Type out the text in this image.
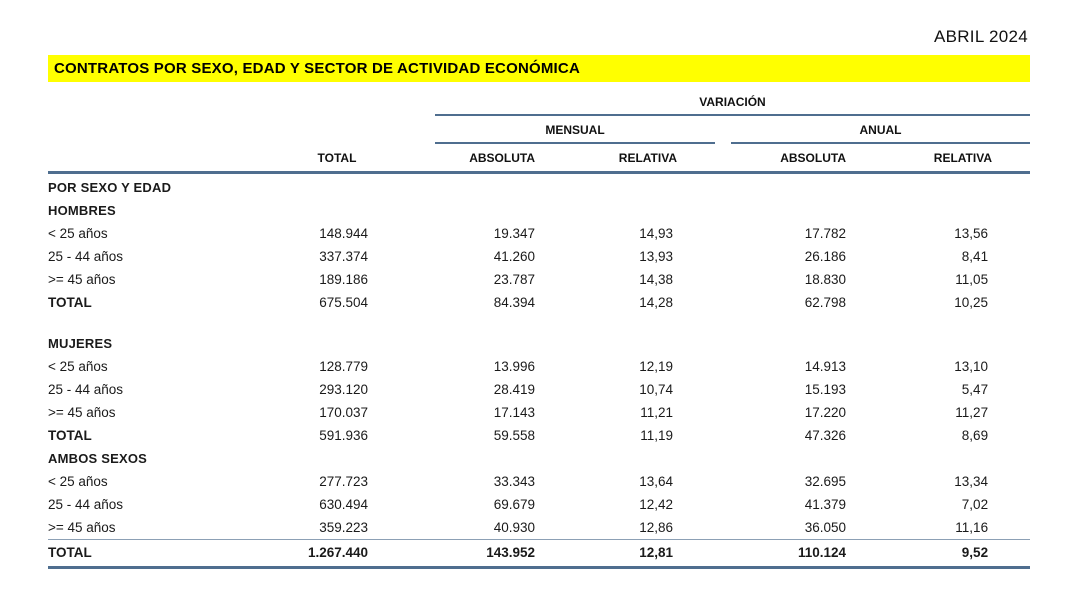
ABRIL 2024
CONTRATOS POR SEXO, EDAD Y SECTOR DE ACTIVIDAD ECONÓMICA
VARIACIÓN
MENSUAL	ANUAL
TOTAL	ABSOLUTA	RELATIVA	ABSOLUTA	RELATIVA
POR SEXO Y EDAD					
HOMBRES					
< 25 años	148.944	19.347	14,93	17.782	13,56
25 - 44 años	337.374	41.260	13,93	26.186	8,41
>= 45 años	189.186	23.787	14,38	18.830	11,05
TOTAL	675.504	84.394	14,28	62.798	10,25
MUJERES					
< 25 años	128.779	13.996	12,19	14.913	13,10
25 - 44 años	293.120	28.419	10,74	15.193	5,47
>= 45 años	170.037	17.143	11,21	17.220	11,27
TOTAL	591.936	59.558	11,19	47.326	8,69
AMBOS SEXOS					
< 25 años	277.723	33.343	13,64	32.695	13,34
25 - 44 años	630.494	69.679	12,42	41.379	7,02
>= 45 años	359.223	40.930	12,86	36.050	11,16
TOTAL	1.267.440	143.952	12,81	110.124	9,52
